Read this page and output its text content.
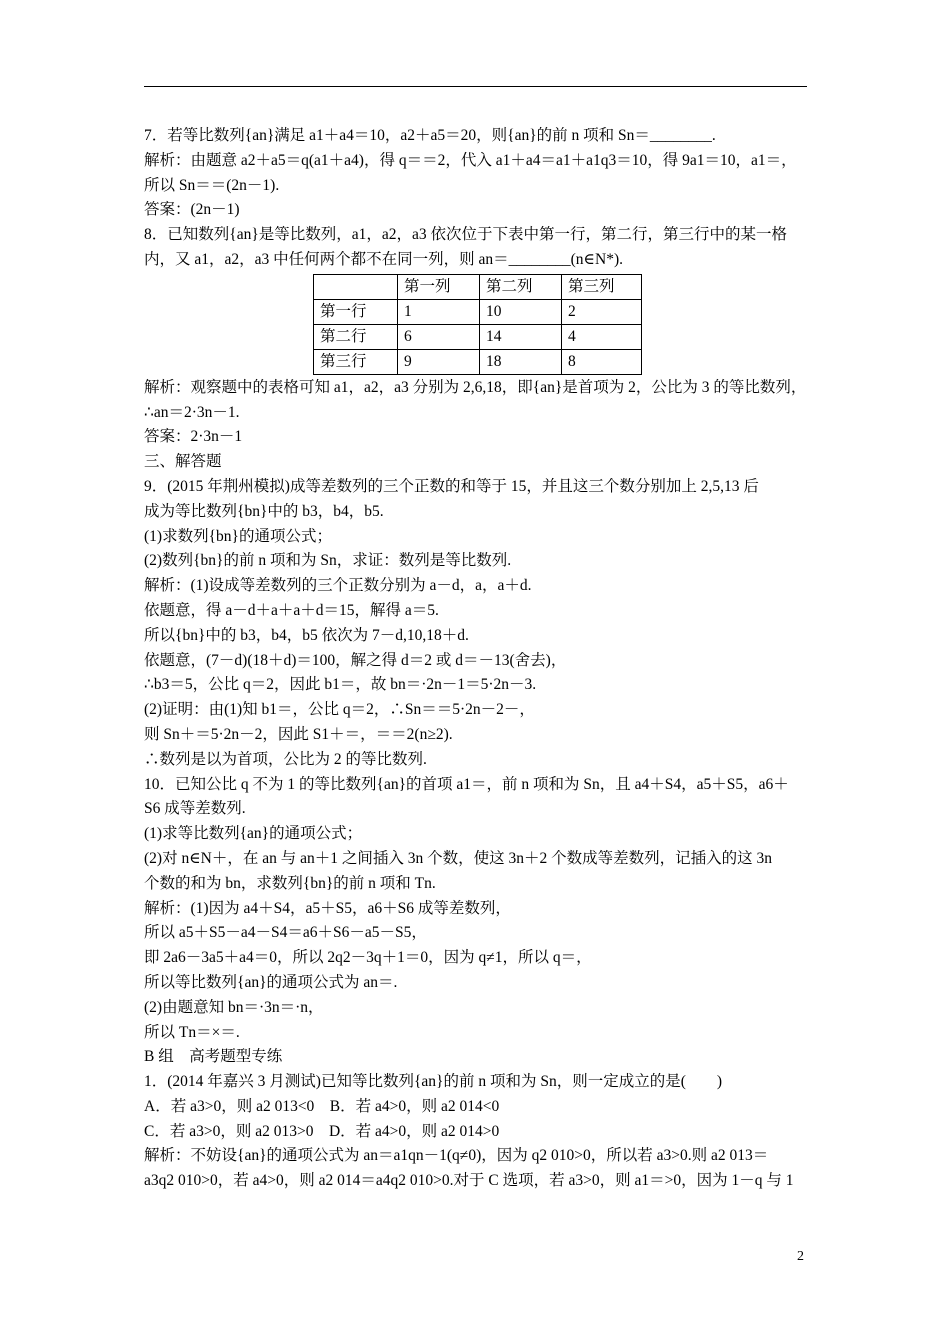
7．若等比数列{an}满足 a1＋a4＝10，a2＋a5＝20，则{an}的前 n 项和 Sn＝________.
解析：由题意 a2＋a5＝q(a1＋a4)，得 q＝＝2，代入 a1＋a4＝a1＋a1q3＝10，得 9a1＝10，a1＝，
所以 Sn＝＝(2n－1).
答案：(2n－1)
8．已知数列{an}是等比数列，a1，a2，a3 依次位于下表中第一行，第二行，第三行中的某一格
内，又 a1，a2，a3 中任何两个都不在同一列，则 an＝________(n∈N*).
	第一列	第二列	第三列
第一行	1	10	2
第二行	6	14	4
第三行	9	18	8
解析：观察题中的表格可知 a1，a2，a3 分别为 2,6,18，即{an}是首项为 2，公比为 3 的等比数列，
∴an＝2·3n－1.
答案：2·3n－1
三、解答题
9．(2015 年荆州模拟)成等差数列的三个正数的和等于 15，并且这三个数分别加上 2,5,13 后
成为等比数列{bn}中的 b3，b4，b5.
(1)求数列{bn}的通项公式；
(2)数列{bn}的前 n 项和为 Sn，求证：数列是等比数列.
解析：(1)设成等差数列的三个正数分别为 a－d，a，a＋d.
依题意，得 a－d＋a＋a＋d＝15，解得 a＝5.
所以{bn}中的 b3，b4，b5 依次为 7－d,10,18＋d.
依题意，(7－d)(18＋d)＝100，解之得 d＝2 或 d＝－13(舍去)，
∴b3＝5，公比 q＝2，因此 b1＝，故 bn＝·2n－1＝5·2n－3.
(2)证明：由(1)知 b1＝，公比 q＝2，∴Sn＝＝5·2n－2－，
则 Sn＋＝5·2n－2，因此 S1＋＝，＝＝2(n≥2).
∴数列是以为首项，公比为 2 的等比数列.
10．已知公比 q 不为 1 的等比数列{an}的首项 a1＝，前 n 项和为 Sn，且 a4＋S4，a5＋S5，a6＋
S6 成等差数列.
(1)求等比数列{an}的通项公式；
(2)对 n∈N＋，在 an 与 an＋1 之间插入 3n 个数，使这 3n＋2 个数成等差数列，记插入的这 3n
个数的和为 bn，求数列{bn}的前 n 项和 Tn.
解析：(1)因为 a4＋S4，a5＋S5，a6＋S6 成等差数列，
所以 a5＋S5－a4－S4＝a6＋S6－a5－S5，
即 2a6－3a5＋a4＝0，所以 2q2－3q＋1＝0，因为 q≠1，所以 q＝，
所以等比数列{an}的通项公式为 an＝.
(2)由题意知 bn＝·3n＝·n，
所以 Tn＝×＝.
B 组　高考题型专练
1．(2014 年嘉兴 3 月测试)已知等比数列{an}的前 n 项和为 Sn，则一定成立的是(　　)
A．若 a3>0，则 a2 013<0　B．若 a4>0，则 a2 014<0
C．若 a3>0，则 a2 013>0　D．若 a4>0，则 a2 014>0
解析：不妨设{an}的通项公式为 an＝a1qn－1(q≠0)，因为 q2 010>0，所以若 a3>0.则 a2 013＝
a3q2 010>0，若 a4>0，则 a2 014＝a4q2 010>0.对于 C 选项，若 a3>0，则 a1＝>0，因为 1－q 与 1
2
